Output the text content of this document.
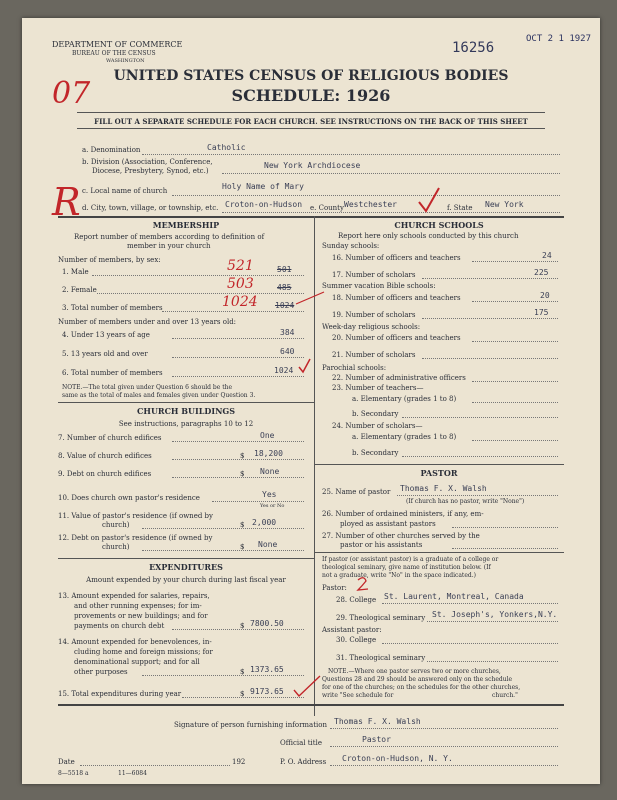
DEPARTMENT OF COMMERCE
BUREAU OF THE CENSUS
WASHINGTON
16256
OCT 2 1 1927
07	UNITED STATES CENSUS OF RELIGIOUS BODIES
SCHEDULE: 1926
FILL OUT A SEPARATE SCHEDULE FOR EACH CHURCH. SEE INSTRUCTIONS ON THE BACK OF THIS SHEET
R
a. Denomination	Catholic
b. Division (Association, Conference,
Diocese, Presbytery, Synod, etc.)
New York Archdiocese
c. Local name of church	Holy Name of Mary
d. City, town, village, or township, etc. Croton-on-Hudson e. County Westchester	f. State New York
MEMBERSHIP
Report number of members according to definition of
member in your church
Number of members, by sex:
1. Male	521	501
2. Female	503	485
3. Total number of members	1024 1024
Number of members under and over 13 years old:
4. Under 13 years of age	384
5. 13 years old and over	640
6. Total number of members	1024
NOTE.—The total given under Question 6 should be the
same as the total of males and females given under Question 3.
CHURCH BUILDINGS
See instructions, paragraphs 10 to 12
7. Number of church edifices	One
8. Value of church edifices	$ 18,200
9. Debt on church edifices	$ None
10. Does church own pastor's residence	Yes
Yes or No
11. Value of pastor's residence (if owned by
church)	$ 2,000
12. Debt on pastor's residence (if owned by
church)	$ None
EXPENDITURES
Amount expended by your church during last fiscal year
13. Amount expended for salaries, repairs,
and other running expenses; for im-
provements or new buildings; and for
payments on church debt	$ 7800.50
14. Amount expended for benevolences, in-
cluding home and foreign missions; for
denominational support; and for all
other purposes	$ 1373.65
15. Total expenditures during year	$ 9173.65
CHURCH SCHOOLS
Report here only schools conducted by this church
Sunday schools:
16. Number of officers and teachers	24
17. Number of scholars	225
Summer vacation Bible schools:
18. Number of officers and teachers	20
19. Number of scholars	175
Week-day religious schools:
20. Number of officers and teachers
21. Number of scholars
Parochial schools:
22. Number of administrative officers
23. Number of teachers—
a. Elementary (grades 1 to 8)
b. Secondary
24. Number of scholars—
a. Elementary (grades 1 to 8)
b. Secondary
PASTOR
25. Name of pastor Thomas F. X. Walsh
(If church has no pastor, write "None")
26. Number of ordained ministers, if any, em-
ployed as assistant pastors
27. Number of other churches served by the
pastor or his assistants
If pastor (or assistant pastor) is a graduate of a college or
theological seminary, give name of institution below. (If
not a graduate, write "No" in the space indicated.)
Pastor:
28. College St. Laurent, Montreal, Canada
29. Theological seminary St. Joseph's, Yonkers,N.Y.
Assistant pastor:
30. College
31. Theological seminary
NOTE.—Where one pastor serves two or more churches,
Questions 28 and 29 should be answered only on the schedule
for one of the churches; on the schedules for the other churches,
write "See schedule for	church."
Signature of person furnishing information Thomas F. X. Walsh
Official title	Pastor
Date	192	P. O. Address Croton-on-Hudson, N. Y.
8—5518 a	11—6084
